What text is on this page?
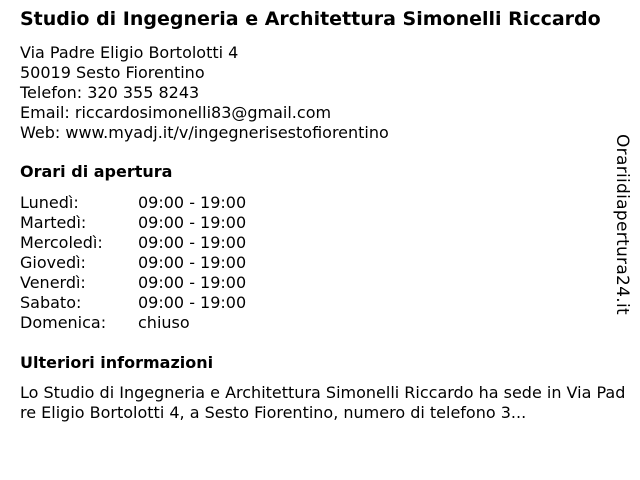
Studio di Ingegneria e Architettura Simonelli Riccardo
Via Padre Eligio Bortolotti 4
50019 Sesto Fiorentino
Telefon: 320 355 8243
Email: riccardosimonelli83@gmail.com
Web: www.myadj.it/v/ingegnerisestofiorentino
Orari di apertura
Lunedì:	09:00 - 19:00
Martedì:	09:00 - 19:00
Mercoledì:	09:00 - 19:00
Giovedì:	09:00 - 19:00
Venerdì:	09:00 - 19:00
Sabato:	09:00 - 19:00
Domenica:	chiuso
Ulteriori informazioni
Lo Studio di Ingegneria e Architettura Simonelli Riccardo ha sede in Via Padre Eligio Bortolotti 4, a Sesto Fiorentino, numero di telefono 3...
Orariidiapertura24.it
